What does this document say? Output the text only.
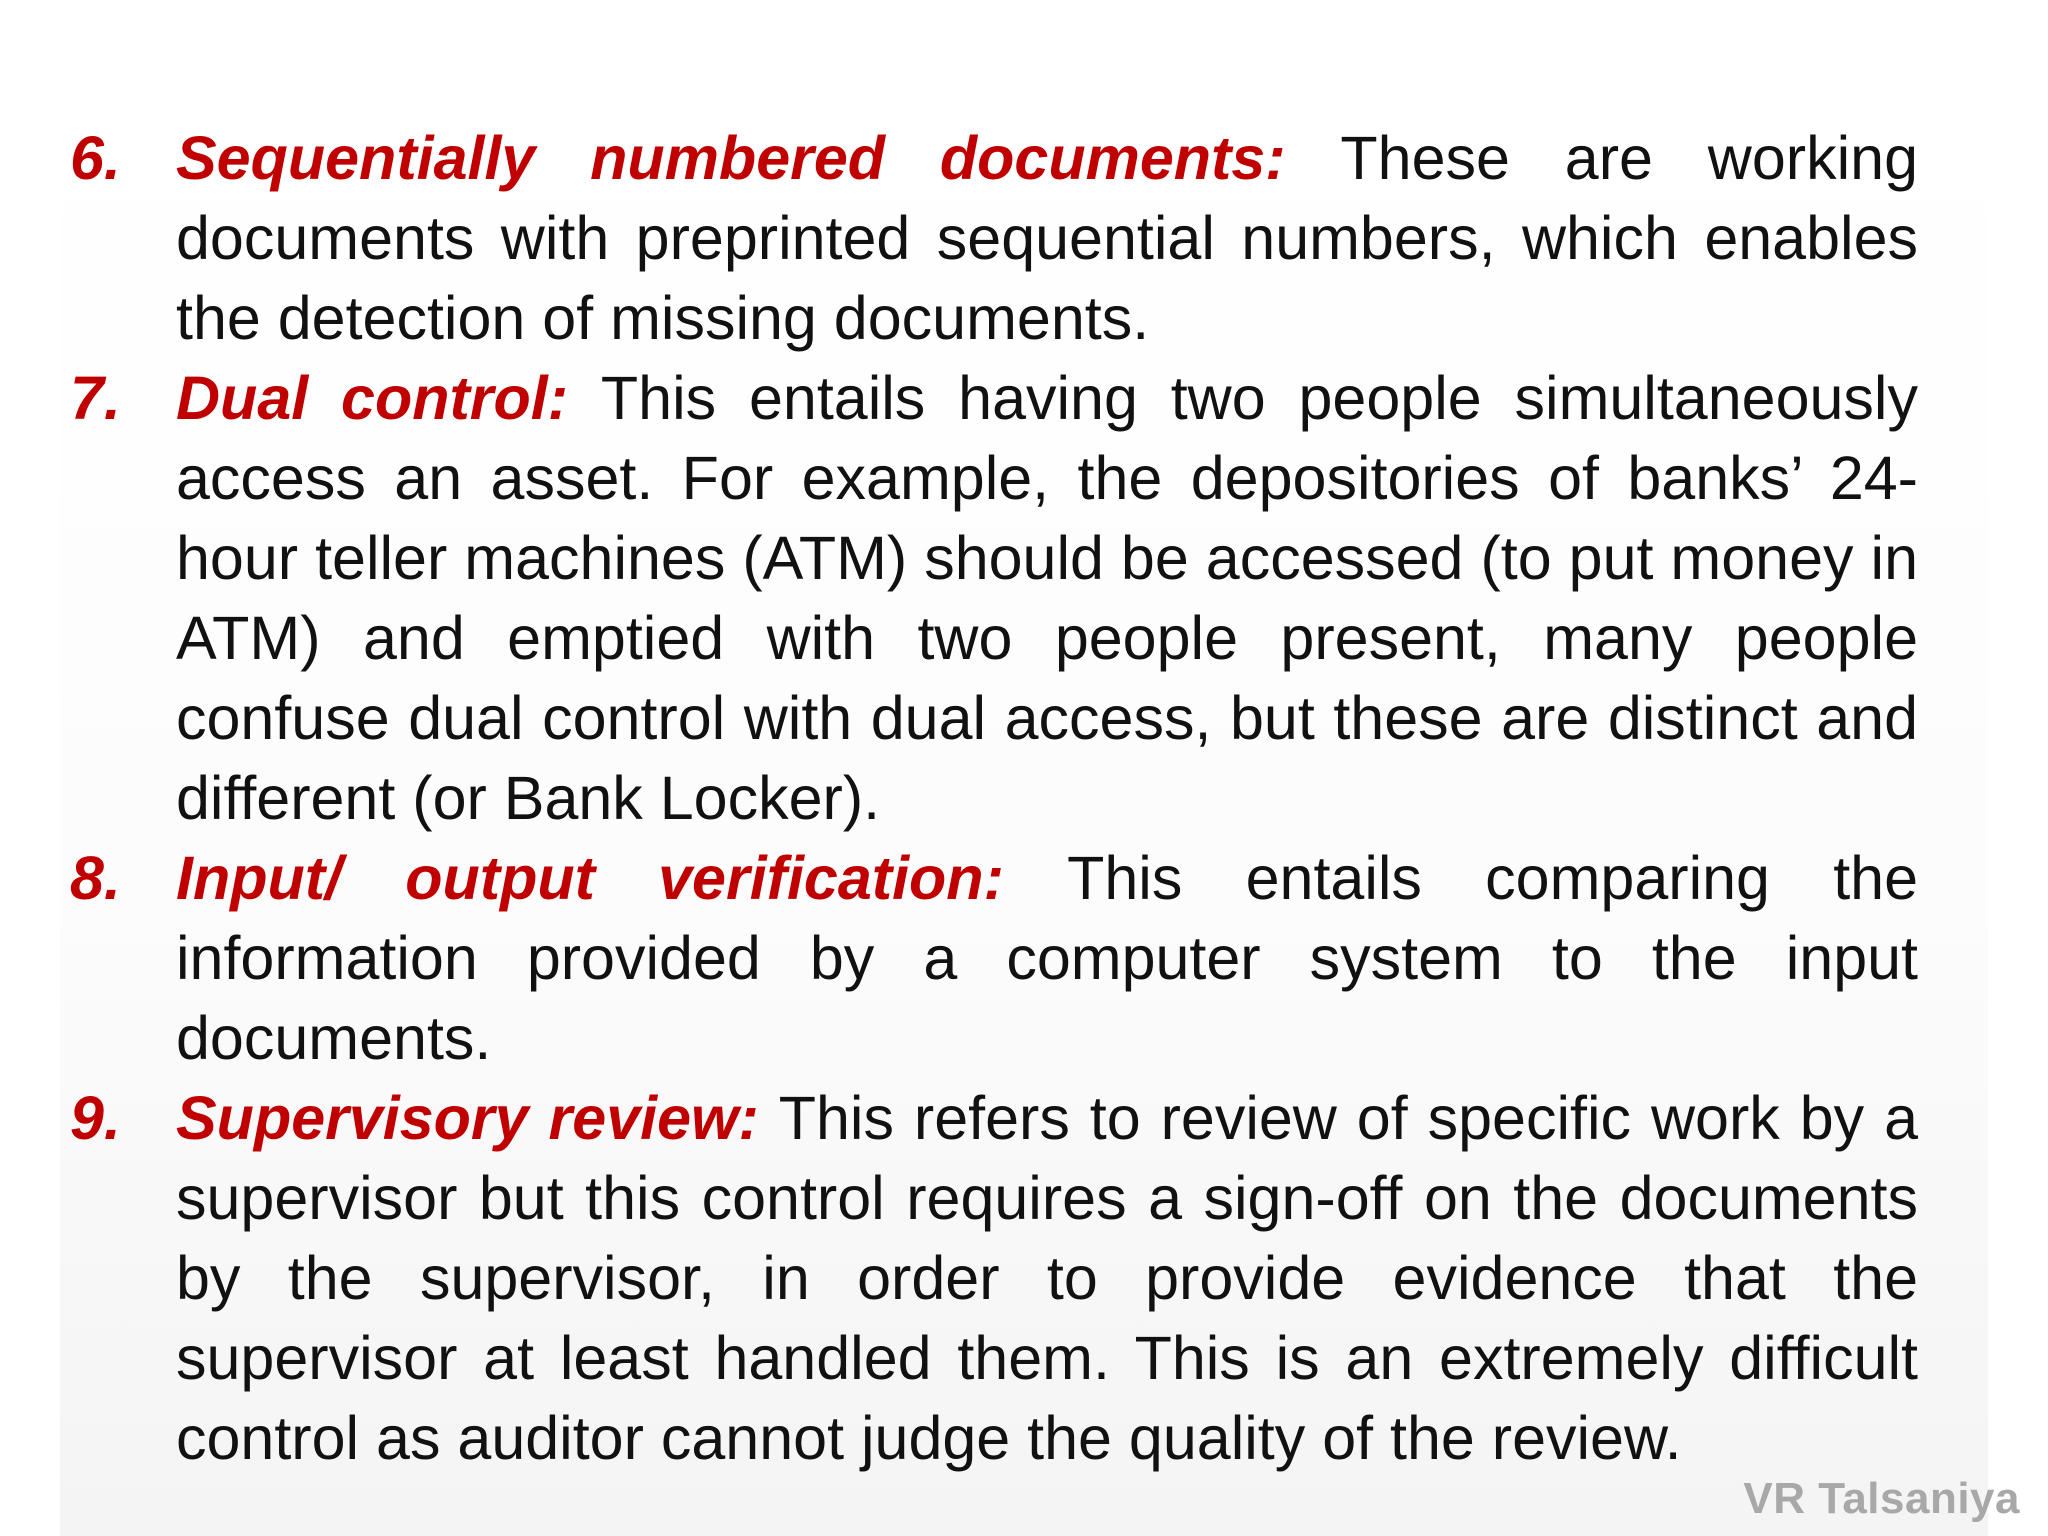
6. Sequentially numbered documents: These are working documents with preprinted sequential numbers, which enables the detection of missing documents.
7. Dual control: This entails having two people simultaneously access an asset. For example, the depositories of banks’ 24-hour teller machines (ATM) should be accessed (to put money in ATM) and emptied with two people present, many people confuse dual control with dual access, but these are distinct and different (or Bank Locker).
8. Input/ output verification: This entails comparing the information provided by a computer system to the input documents.
9. Supervisory review: This refers to review of specific work by a supervisor but this control requires a sign-off on the documents by the supervisor, in order to provide evidence that the supervisor at least handled them. This is an extremely difficult control as auditor cannot judge the quality of the review.
VR Talsaniya
